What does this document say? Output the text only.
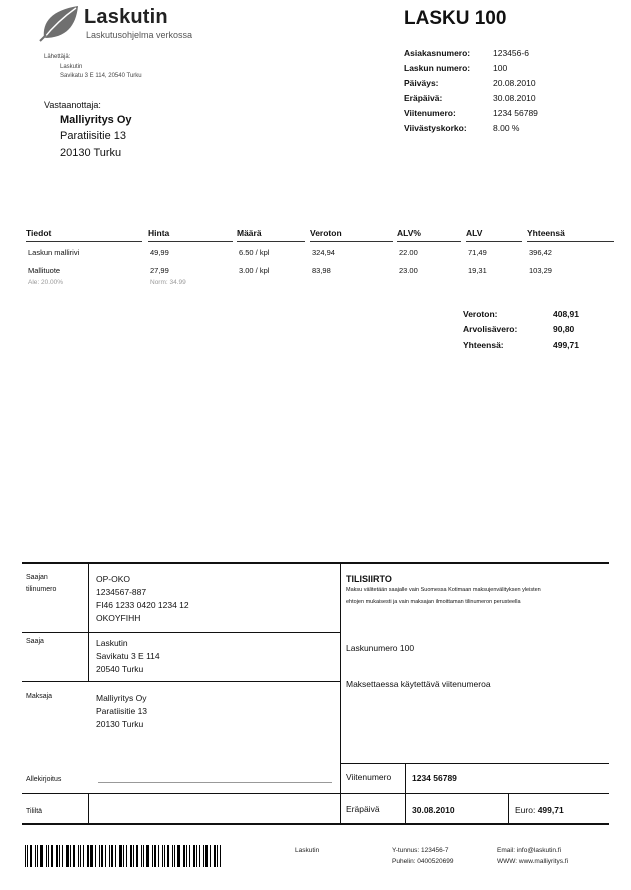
Laskutin
Laskutusohjelma verkossa
LASKU 100
Lähettäjä:
Laskutin
Savikatu 3 E 114, 20540 Turku
Vastaanottaja:
Malliyritys Oy
Paratiisitie 13
20130 Turku
Asiakasnumero:	123456-6
Laskun numero:	100
Päiväys:	20.08.2010
Eräpäivä:	30.08.2010
Viitenumero:	1234 56789
Viivästyskorko:	8.00 %
Tiedot	Hinta	Määrä	Veroton	ALV%	ALV	Yhteensä
Laskun mallirivi	49,99	6.50 / kpl	324,94	22.00	71,49	396,42
Mallituote	27,99	3.00 / kpl	83,98	23.00	19,31	103,29
Ale: 20.00%	Norm: 34.99
Veroton:	408,91
Arvolisävero:	90,80
Yhteensä:	499,71
Saajan
tilinumero
OP-OKO
1234567-887
FI46 1233 0420 1234 12
OKOYFIHH
Saaja	Laskutin
Savikatu 3 E 114
20540 Turku
Maksaja	Malliyritys Oy
Paratiisitie 13
20130 Turku
Allekirjoitus
Tililtä
TILISIIRTO
Maksu välitetään saajalle vain Suomessa Kotimaan maksujenvälityksen yleisten
ehtojen mukaisesti ja vain maksajan ilmoittaman tilinumeron perusteella
Laskunumero 100
Maksettaessa käytettävä viitenumeroa
Viitenumero 1234 56789
Eräpäivä	30.08.2010	Euro: 499,71
Laskutin	Y-tunnus: 123456-7
Puhelin: 0400520699
Email: info@laskutin.fi
WWW: www.malliyritys.fi
